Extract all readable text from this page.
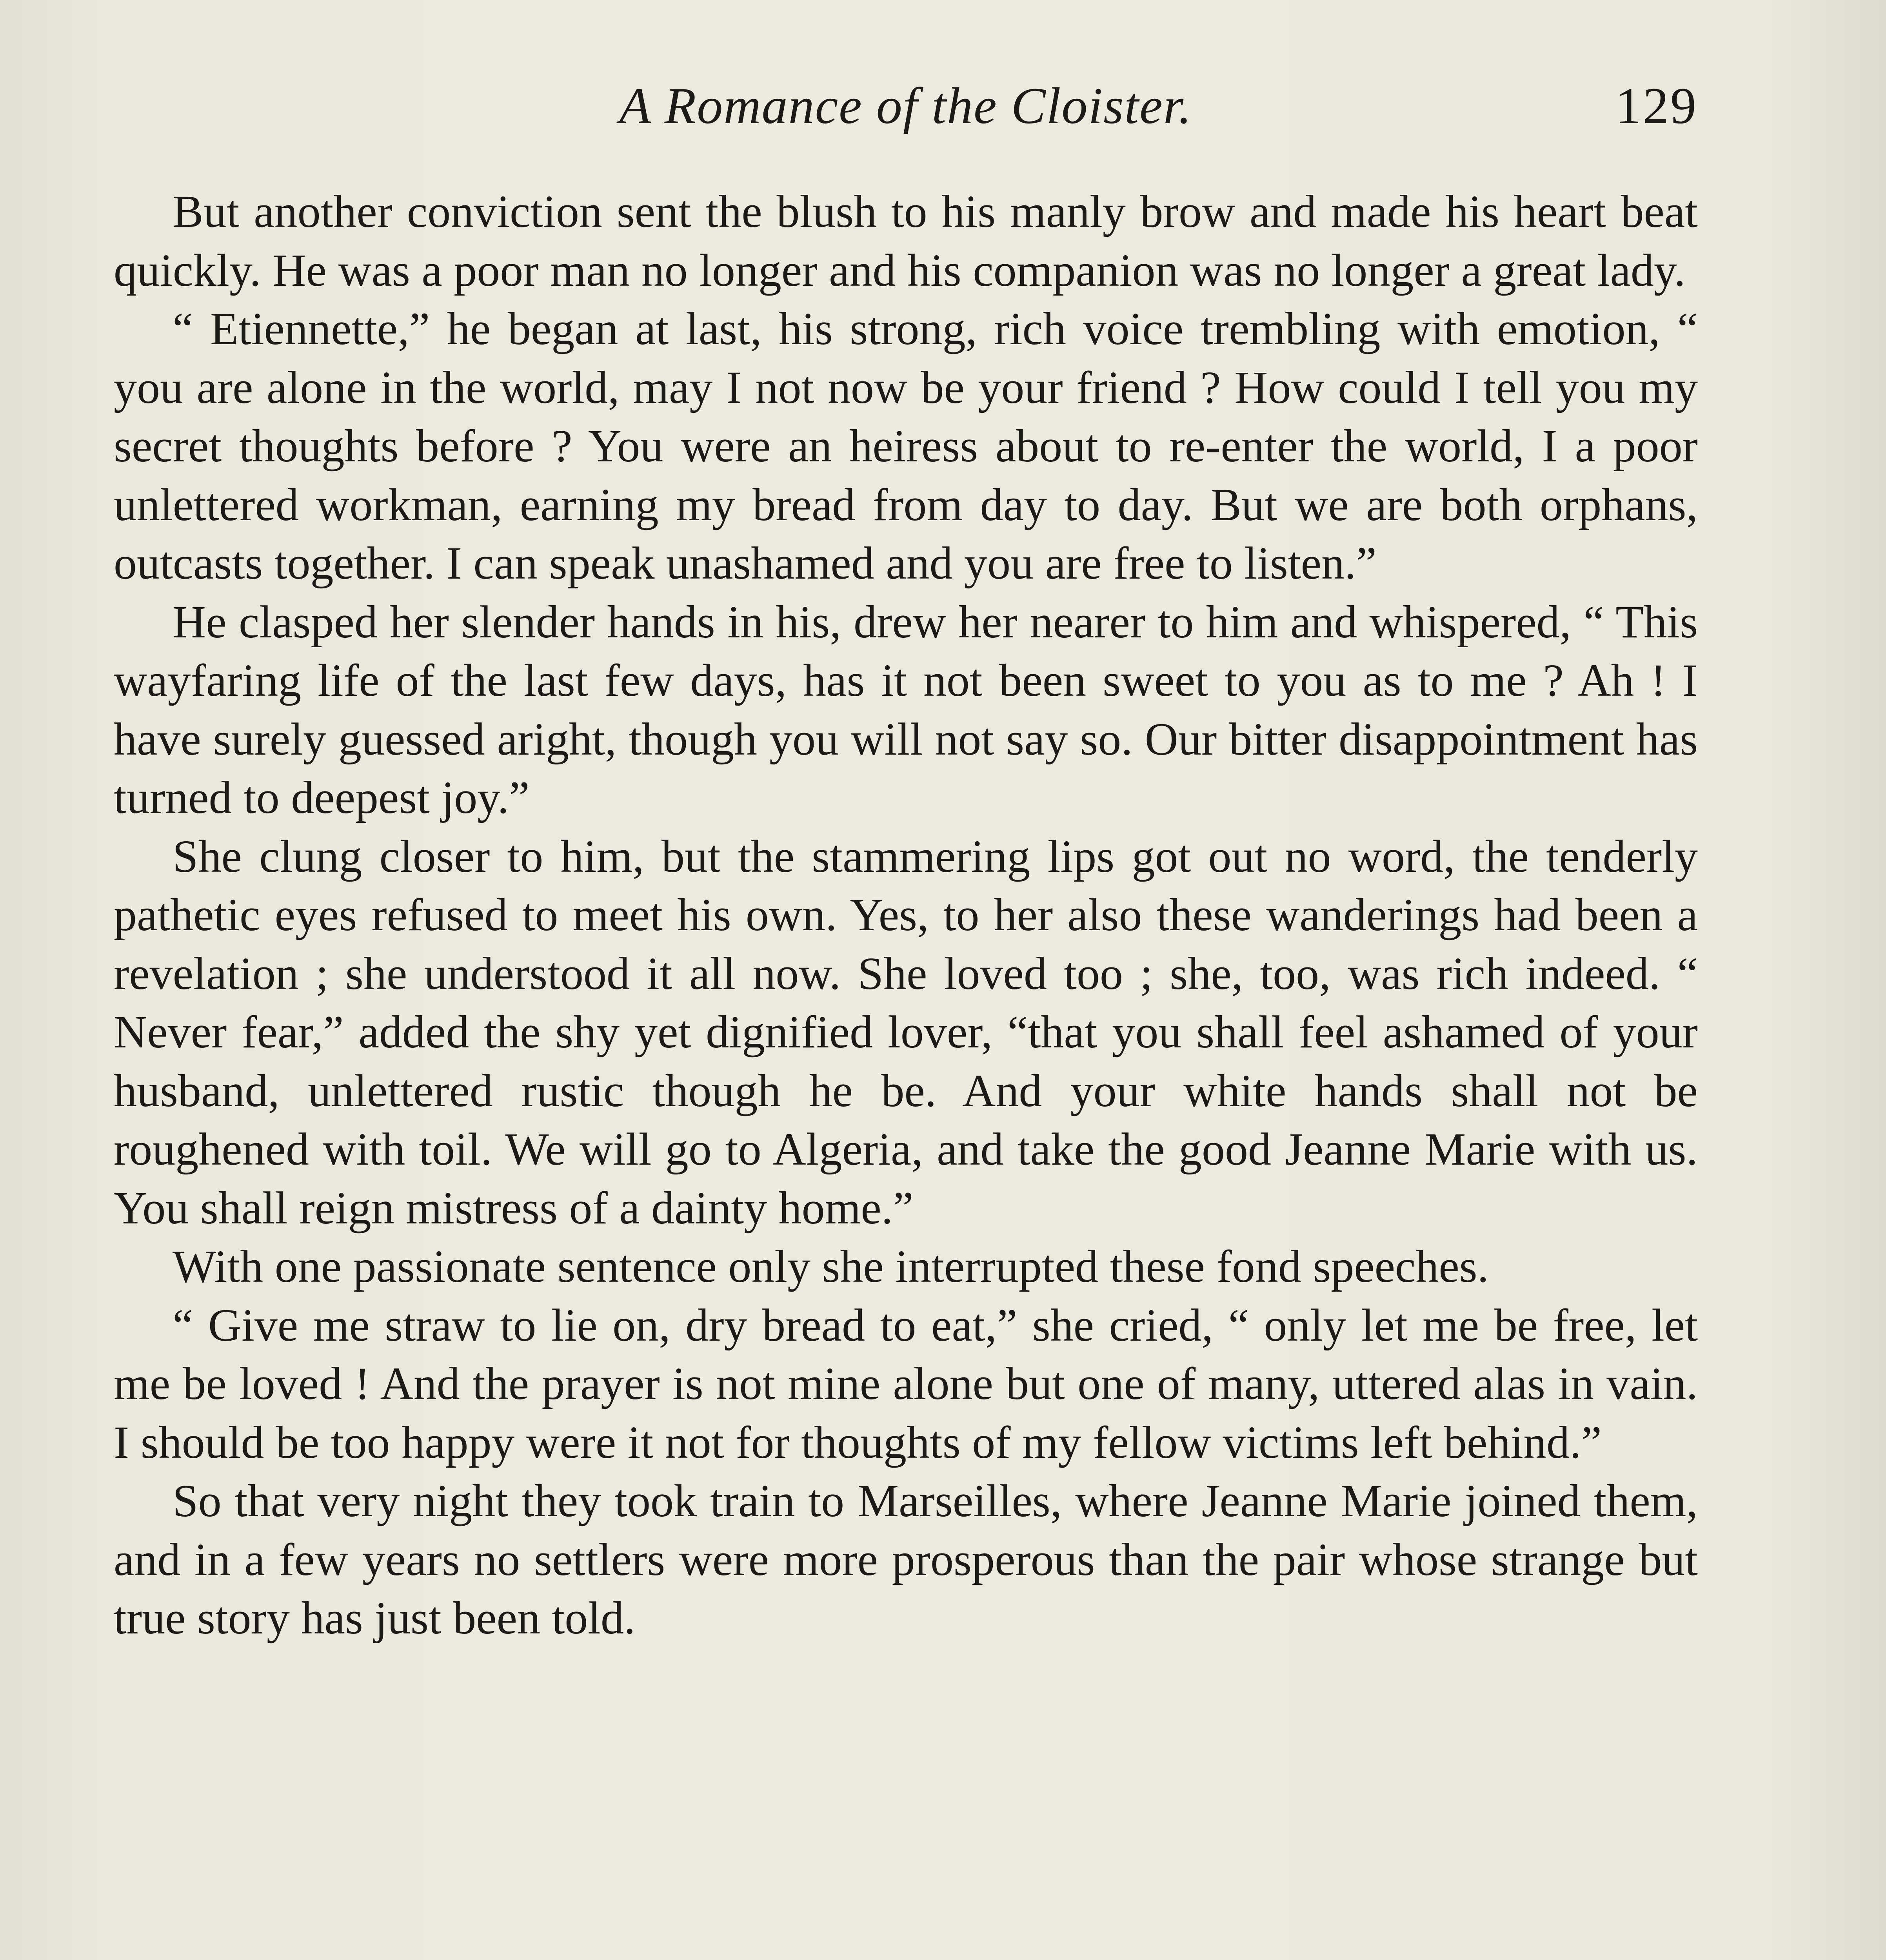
A Romance of the Cloister.	129

But another conviction sent the blush to his manly brow and made his heart beat quickly. He was a poor man no longer and his companion was no longer a great lady.

“ Etiennette,” he began at last, his strong, rich voice trembling with emotion, “ you are alone in the world, may I not now be your friend ? How could I tell you my secret thoughts before ? You were an heiress about to re-enter the world, I a poor unlettered workman, earning my bread from day to day. But we are both orphans, outcasts together. I can speak unashamed and you are free to listen.”

He clasped her slender hands in his, drew her nearer to him and whispered, “ This wayfaring life of the last few days, has it not been sweet to you as to me ? Ah ! I have surely guessed aright, though you will not say so. Our bitter disappointment has turned to deepest joy.”

She clung closer to him, but the stammering lips got out no word, the tenderly pathetic eyes refused to meet his own. Yes, to her also these wanderings had been a revelation ; she understood it all now. She loved too ; she, too, was rich indeed. “ Never fear,” added the shy yet dignified lover, “that you shall feel ashamed of your husband, unlettered rustic though he be. And your white hands shall not be roughened with toil. We will go to Algeria, and take the good Jeanne Marie with us. You shall reign mistress of a dainty home.”

With one passionate sentence only she interrupted these fond speeches.

“ Give me straw to lie on, dry bread to eat,” she cried, “ only let me be free, let me be loved ! And the prayer is not mine alone but one of many, uttered alas in vain. I should be too happy were it not for thoughts of my fellow victims left behind.”

So that very night they took train to Marseilles, where Jeanne Marie joined them, and in a few years no settlers were more prosperous than the pair whose strange but true story has just been told.
